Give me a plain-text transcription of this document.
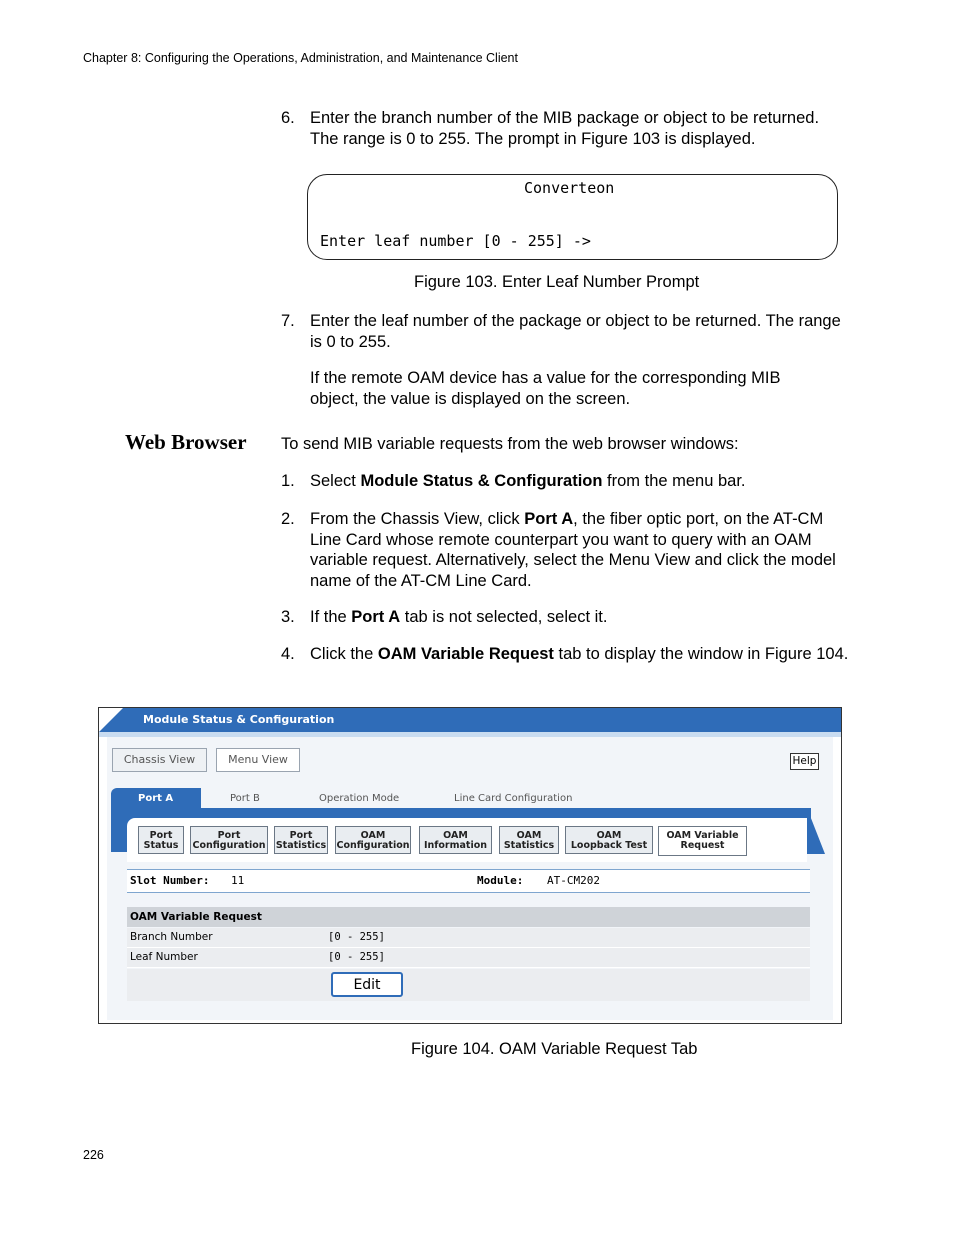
Chapter 8: Configuring the Operations, Administration, and Maintenance Client
6. Enter the branch number of the MIB package or object to be returned. The range is 0 to 255. The prompt in Figure 103 is displayed.
Converteon
Enter leaf number [0 - 255] ->
Figure 103. Enter Leaf Number Prompt
7. Enter the leaf number of the package or object to be returned. The range is 0 to 255.
If the remote OAM device has a value for the corresponding MIB object, the value is displayed on the screen.
Web Browser To send MIB variable requests from the web browser windows:
1. Select Module Status & Configuration from the menu bar.
2. From the Chassis View, click Port A, the fiber optic port, on the AT-CM Line Card whose remote counterpart you want to query with an OAM variable request. Alternatively, select the Menu View and click the model name of the AT-CM Line Card.
3. If the Port A tab is not selected, select it.
4. Click the OAM Variable Request tab to display the window in Figure 104.
Module Status & Configuration
Chassis View	Menu View	Help
Port A	Port B	Operation Mode	Line Card Configuration
Port
Status
Port
Configuration
Port
Statistics
OAM
Configuration
OAM
Information
OAM
Statistics
OAM
Loopback Test
OAM Variable
Request
Slot Number: 11	Module: AT-CM202
OAM Variable Request
Branch Number	[0 - 255]
Leaf Number	[0 - 255]
Edit
Figure 104. OAM Variable Request Tab
226
